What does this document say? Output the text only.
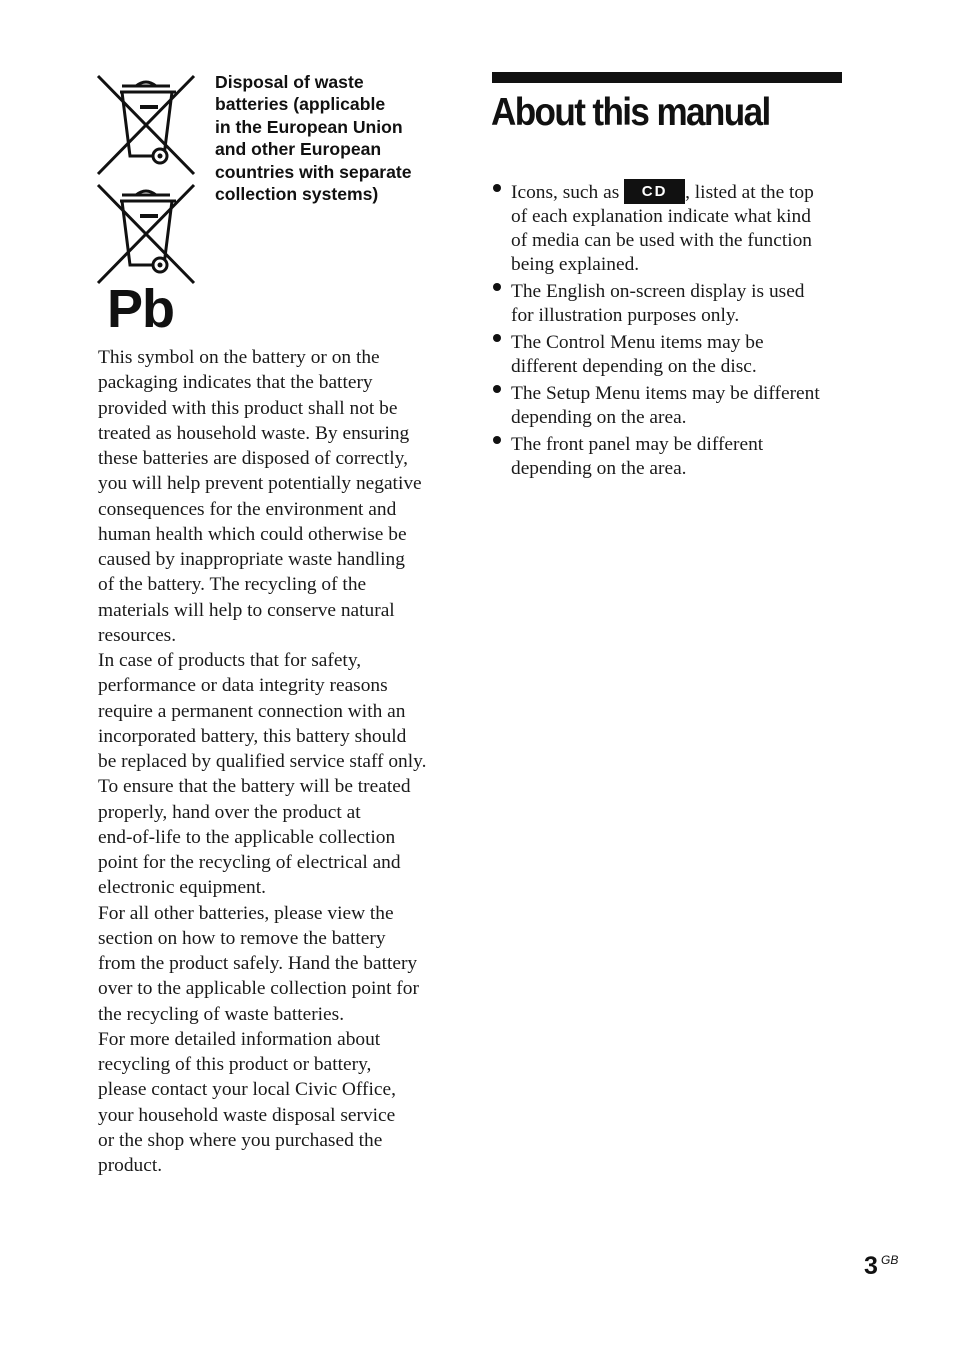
Pb
Disposal of waste
batteries (applicable
in the European Union
and other European
countries with separate
collection systems)

This symbol on the battery or on the

packaging indicates that the battery

provided with this product shall not be

treated as household waste. By ensuring

these batteries are disposed of correctly,

you will help prevent potentially negative

consequences for the environment and

human health which could otherwise be

caused by inappropriate waste handling

of the battery. The recycling of the

materials will help to conserve natural

resources.

In case of products that for safety,

performance or data integrity reasons

require a permanent connection with an

incorporated battery, this battery should

be replaced by qualified service staff only.

To ensure that the battery will be treated

properly, hand over the product at

end-of-life to the applicable collection

point for the recycling of electrical and

electronic equipment.

For all other batteries, please view the

section on how to remove the battery

from the product safely. Hand the battery

over to the applicable collection point for

the recycling of waste batteries.

For more detailed information about

recycling of this product or battery,

please contact your local Civic Office,

your household waste disposal service

or the shop where you purchased the

product.

About this manual
Icons, such as CD , listed at the top
of each explanation indicate what kind
of media can be used with the function
being explained.
The English on-screen display is used
for illustration purposes only.
The Control Menu items may be
different depending on the disc.
The Setup Menu items may be different
depending on the area.
The front panel may be different
depending on the area.
3 GB
